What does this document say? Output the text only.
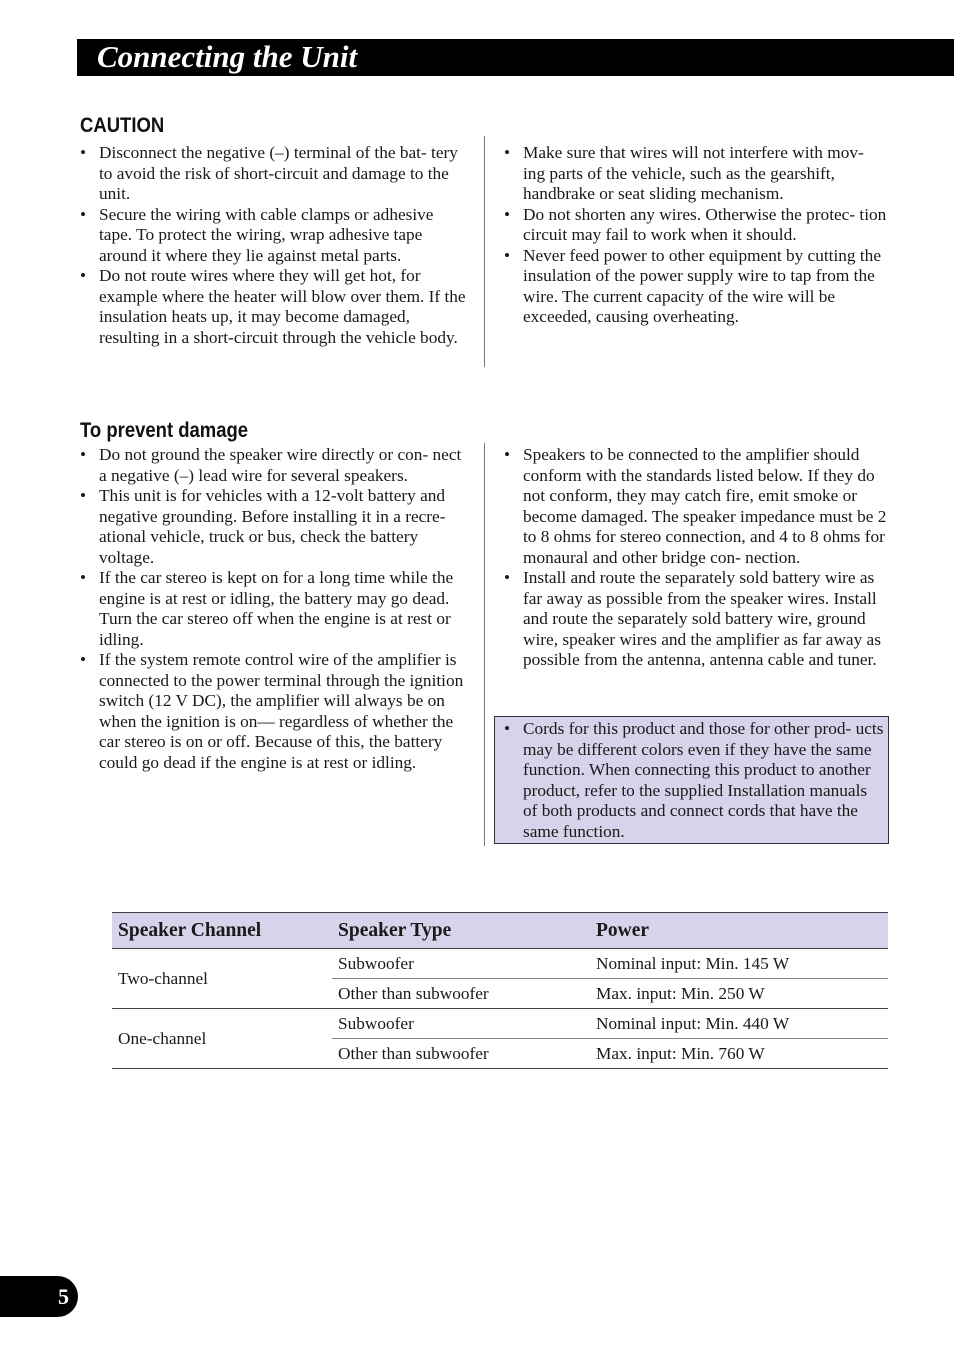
Connecting the Unit
CAUTION
• Disconnect the negative (–) terminal of the bat- tery to avoid the risk of short-circuit and damage to the unit.
• Secure the wiring with cable clamps or adhesive tape. To protect the wiring, wrap adhesive tape around it where they lie against metal parts.
• Do not route wires where they will get hot, for example where the heater will blow over them. If the insulation heats up, it may become damaged, resulting in a short-circuit through the vehicle body.
• Make sure that wires will not interfere with mov- ing parts of the vehicle, such as the gearshift, handbrake or seat sliding mechanism.
• Do not shorten any wires. Otherwise the protec- tion circuit may fail to work when it should.
• Never feed power to other equipment by cutting the insulation of the power supply wire to tap from the wire. The current capacity of the wire will be exceeded, causing overheating.
To prevent damage
• Do not ground the speaker wire directly or con- nect a negative (–) lead wire for several speakers.
• This unit is for vehicles with a 12-volt battery and negative grounding. Before installing it in a recre- ational vehicle, truck or bus, check the battery voltage.
• If the car stereo is kept on for a long time while the engine is at rest or idling, the battery may go dead. Turn the car stereo off when the engine is at rest or idling.
• If the system remote control wire of the amplifier is connected to the power terminal through the ignition switch (12 V DC), the amplifier will always be on when the ignition is on— regardless of whether the car stereo is on or off. Because of this, the battery could go dead if the engine is at rest or idling.
• Speakers to be connected to the amplifier should conform with the standards listed below. If they do not conform, they may catch fire, emit smoke or become damaged. The speaker impedance must be 2 to 8 ohms for stereo connection, and 4 to 8 ohms for monaural and other bridge con- nection.
• Install and route the separately sold battery wire as far away as possible from the speaker wires. Install and route the separately sold battery wire, ground wire, speaker wires and the amplifier as far away as possible from the antenna, antenna cable and tuner.
• Cords for this product and those for other prod- ucts may be different colors even if they have the same function. When connecting this product to another product, refer to the supplied Installation manuals of both products and connect cords that have the same function.
Speaker Channel	Speaker Type	Power
Two-channel	Subwoofer	Nominal input: Min. 145 W
	Other than subwoofer	Max. input: Min. 250 W
One-channel	Subwoofer	Nominal input: Min. 440 W
	Other than subwoofer	Max. input: Min. 760 W
5
